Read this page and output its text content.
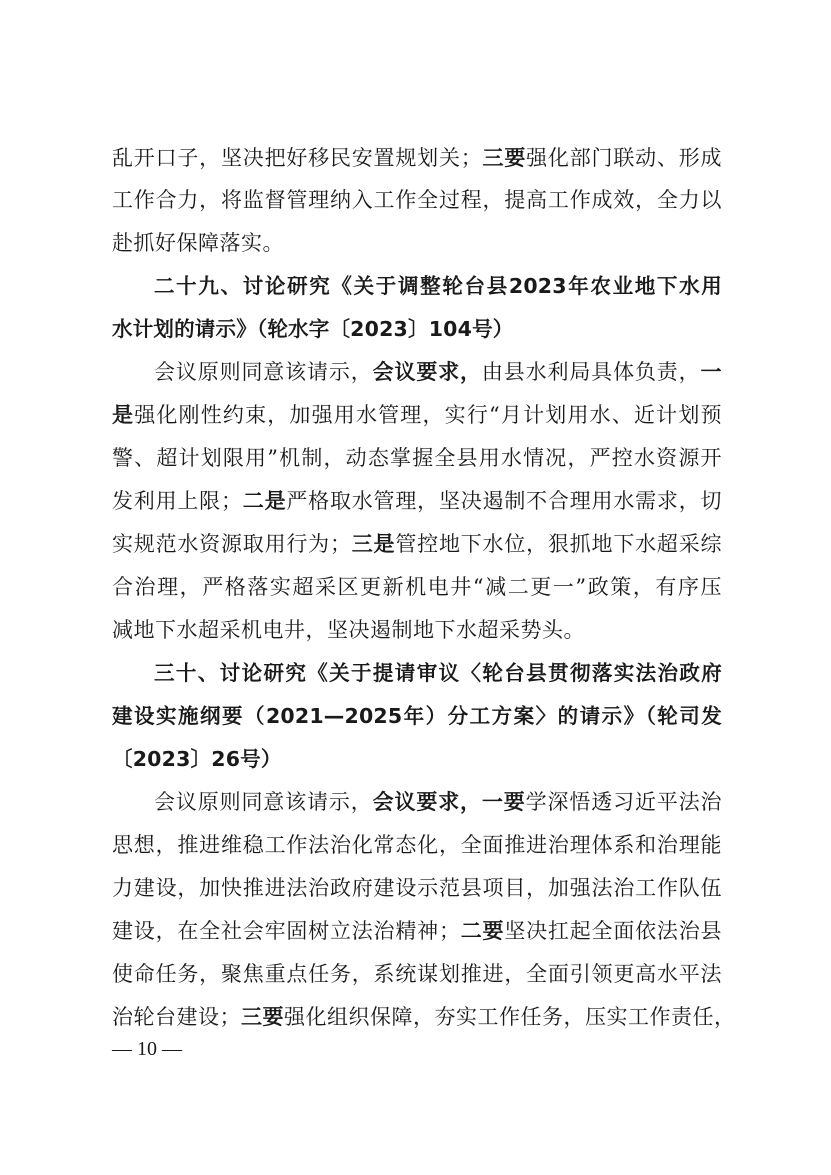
乱开口子，坚决把好移民安置规划关；三要强化部门联动、形成
工作合力，将监督管理纳入工作全过程，提高工作成效，全力以
赴抓好保障落实。
二十九、讨论研究《关于调整轮台县2023年农业地下水用
水计划的请示》（轮水字〔2023〕104号）
会议原则同意该请示，会议要求，由县水利局具体负责，一
是强化刚性约束，加强用水管理，实行“月计划用水、近计划预
警、超计划限用”机制，动态掌握全县用水情况，严控水资源开
发利用上限；二是严格取水管理，坚决遏制不合理用水需求，切
实规范水资源取用行为；三是管控地下水位，狠抓地下水超采综
合治理，严格落实超采区更新机电井“减二更一”政策，有序压
减地下水超采机电井，坚决遏制地下水超采势头。
三十、讨论研究《关于提请审议〈轮台县贯彻落实法治政府
建设实施纲要（2021—2025年）分工方案〉的请示》（轮司发
〔2023〕26号）
会议原则同意该请示，会议要求，一要学深悟透习近平法治
思想，推进维稳工作法治化常态化，全面推进治理体系和治理能
力建设，加快推进法治政府建设示范县项目，加强法治工作队伍
建设，在全社会牢固树立法治精神；二要坚决扛起全面依法治县
使命任务，聚焦重点任务，系统谋划推进，全面引领更高水平法
治轮台建设；三要强化组织保障，夯实工作任务，压实工作责任，
— 10 —
